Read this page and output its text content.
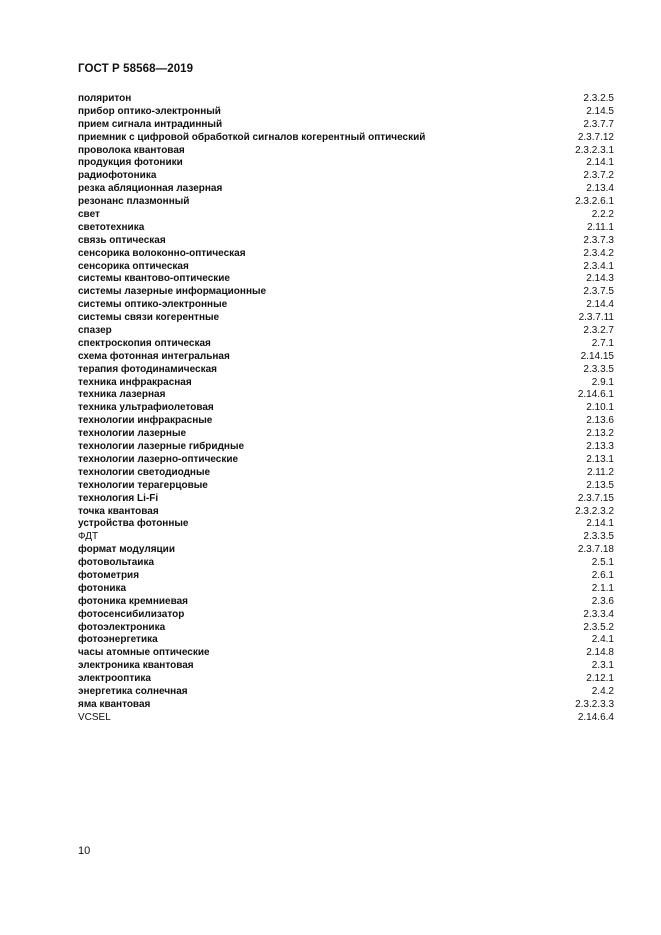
ГОСТ Р 58568—2019
поляритон	2.3.2.5
прибор оптико-электронный	2.14.5
прием сигнала интрадинный	2.3.7.7
приемник с цифровой обработкой сигналов когерентный оптический	2.3.7.12
проволока квантовая	2.3.2.3.1
продукция фотоники	2.14.1
радиофотоника	2.3.7.2
резка абляционная лазерная	2.13.4
резонанс плазмонный	2.3.2.6.1
свет	2.2.2
светотехника	2.11.1
связь оптическая	2.3.7.3
сенсорика волоконно-оптическая	2.3.4.2
сенсорика оптическая	2.3.4.1
системы квантово-оптические	2.14.3
системы лазерные информационные	2.3.7.5
системы оптико-электронные	2.14.4
системы связи когерентные	2.3.7.11
спазер	2.3.2.7
спектроскопия оптическая	2.7.1
схема фотонная интегральная	2.14.15
терапия фотодинамическая	2.3.3.5
техника инфракрасная	2.9.1
техника лазерная	2.14.6.1
техника ультрафиолетовая	2.10.1
технологии инфракрасные	2.13.6
технологии лазерные	2.13.2
технологии лазерные гибридные	2.13.3
технологии лазерно-оптические	2.13.1
технологии светодиодные	2.11.2
технологии терагерцовые	2.13.5
технология Li-Fi	2.3.7.15
точка квантовая	2.3.2.3.2
устройства фотонные	2.14.1
ФДТ	2.3.3.5
формат модуляции	2.3.7.18
фотовольтаика	2.5.1
фотометрия	2.6.1
фотоника	2.1.1
фотоника кремниевая	2.3.6
фотосенсибилизатор	2.3.3.4
фотоэлектроника	2.3.5.2
фотоэнергетика	2.4.1
часы атомные оптические	2.14.8
электроника квантовая	2.3.1
электрооптика	2.12.1
энергетика солнечная	2.4.2
яма квантовая	2.3.2.3.3
VCSEL	2.14.6.4
10
